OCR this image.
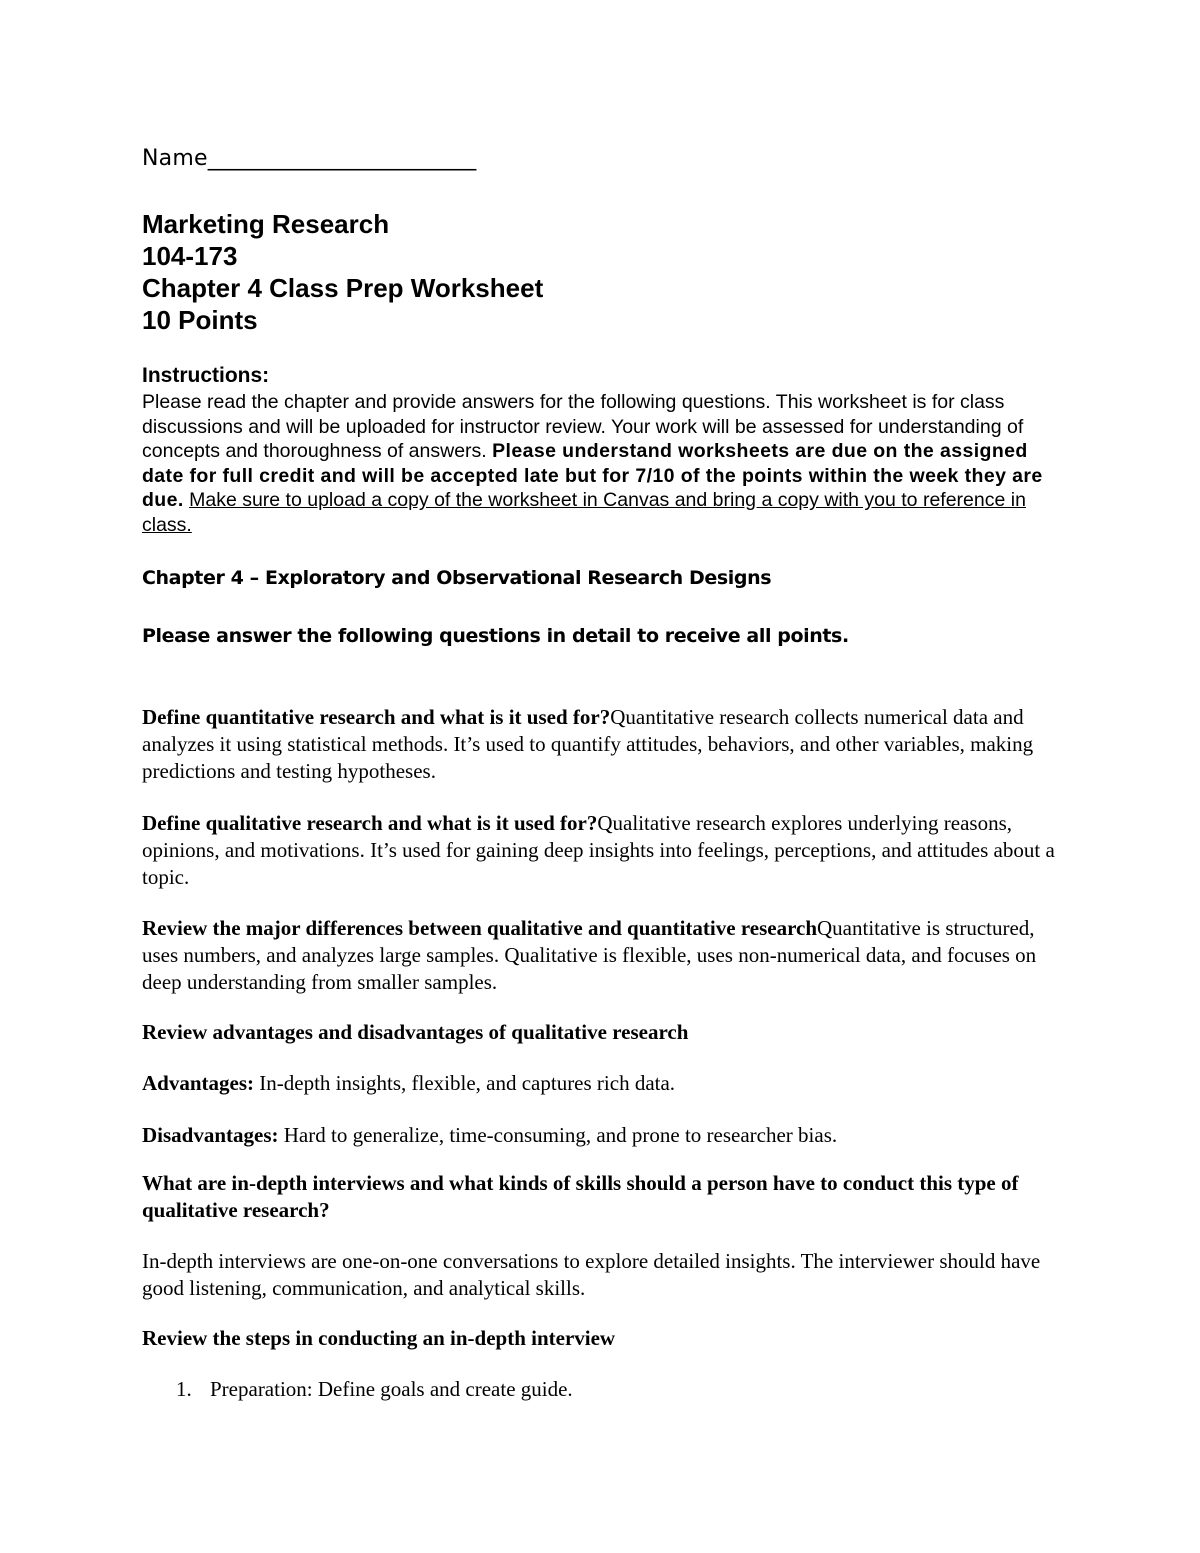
Name________________________
Marketing Research
104-173
Chapter 4 Class Prep Worksheet
10 Points
Instructions:
Please read the chapter and provide answers for the following questions. This worksheet is for class discussions and will be uploaded for instructor review. Your work will be assessed for understanding of concepts and thoroughness of answers. Please understand worksheets are due on the assigned date for full credit and will be accepted late but for 7/10 of the points within the week they are due. Make sure to upload a copy of the worksheet in Canvas and bring a copy with you to reference in class.
Chapter 4 – Exploratory and Observational Research Designs
Please answer the following questions in detail to receive all points.
Define quantitative research and what is it used for?Quantitative research collects numerical data and analyzes it using statistical methods. It’s used to quantify attitudes, behaviors, and other variables, making predictions and testing hypotheses.
Define qualitative research and what is it used for?Qualitative research explores underlying reasons, opinions, and motivations. It’s used for gaining deep insights into feelings, perceptions, and attitudes about a topic.
Review the major differences between qualitative and quantitative researchQuantitative is structured, uses numbers, and analyzes large samples. Qualitative is flexible, uses non-numerical data, and focuses on deep understanding from smaller samples.
Review advantages and disadvantages of qualitative research
Advantages: In-depth insights, flexible, and captures rich data.
Disadvantages: Hard to generalize, time-consuming, and prone to researcher bias.
What are in-depth interviews and what kinds of skills should a person have to conduct this type of qualitative research?
In-depth interviews are one-on-one conversations to explore detailed insights. The interviewer should have good listening, communication, and analytical skills.
Review the steps in conducting an in-depth interview
1. Preparation: Define goals and create guide.
